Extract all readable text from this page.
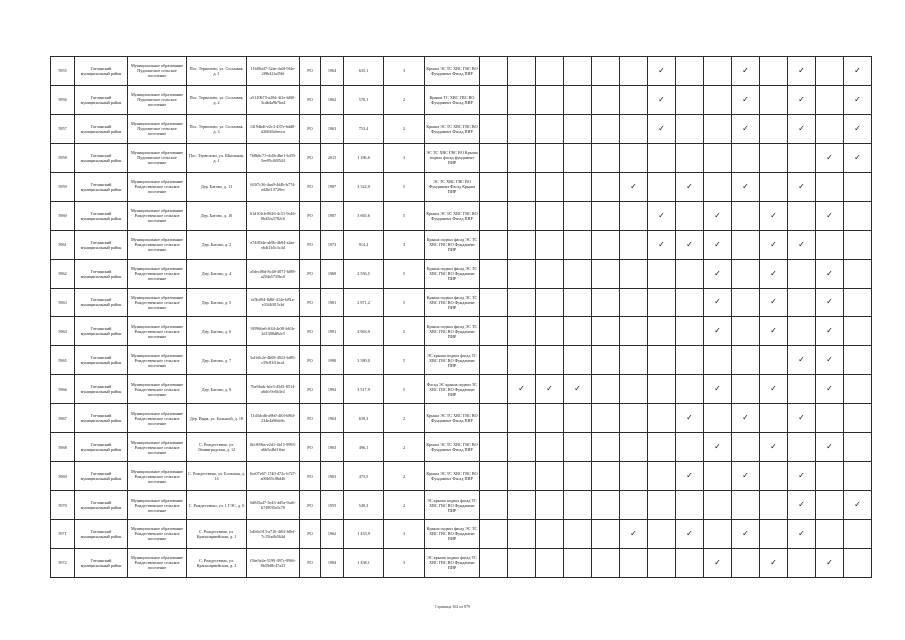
5955	Гатчинский муниципальный район	Муниципальное образование Пудомягское сельское поселение	Пос. Терволово, ул. Сосновая, д. 1	11b80a47-32ae-4a0f-9f4e-2f9b42fa356f	РО	1964	635,1	3	Крыша ЭС ТС ХВС ГВС ВО Фундамент Фасад ПИР							✓			✓		✓		✓
5956	Гатчинский муниципальный район	Муниципальное образование Пудомягское сельское поселение	Пос. Терволово, ул. Сосновая, д. 2	a5120673-a20d-4f1e-b8f0-3cdb4a9b7ba4	РО	1962	570,1	2	Крыша ТС ХВС ГВС ВО Фундамент Фасад ПИР							✓			✓		✓		✓
5957	Гатчинский муниципальный район	Муниципальное образование Пудомягское сельское поселение	Пос. Терволово, ул. Сосновая, д. 3	f4194bdf-e2c3-437e-bdd8-d26026c6ecca	РО	1963	753,4	2	Крыша ЭС ТС ХВС ГВС ВО Фундамент Фасад ПИР							✓			✓		✓		✓
5958	Гатчинский муниципальный район	Муниципальное образование Пудомягское сельское поселение	Пос. Терволово, ул. Школьная, д. 1	7b8b6c71-cb4b-4be1-b435-5ee95c0f8544	РО	2015	1 186,6	3	ЭС ТС ХВС ГВС ВО Крыша подвал фасад фундамент ПИР													✓	✓
5959	Гатчинский муниципальный район	Муниципальное образование Рождественское сельское поселение	Дер. Батово, д. 11	6f3f7c36-4aa9-4d4b-b774-ed2bf13729ec	РО	1987	3 322,0	5	ЭС ТС ХВС ГВС ВО Фундамент Фасад Крыша ПИР						✓		✓		✓		✓		
5960	Гатчинский муниципальный район	Муниципальное образование Рождественское сельское поселение	Дер. Батово, д. 10	61d10fcb-0626-4c51-9c46-0b45fa3782c6	РО	1987	3 665,6	5	Крыша ЭС ТС ХВС ГВС ВО Фундамент Фасад ПИР							✓		✓		✓		✓	
5961	Гатчинский муниципальный район	Муниципальное образование Рождественское сельское поселение	Дер. Батово, д. 2	e74f834e-ab9b-4b94-a2ae-eb4f1b5c3c4d	РО	1973	914,2	3	Крыша подвал фасад ЭС ТС ХВС ГВС ВО Фундамент ПИР							✓	✓	✓		✓	✓		
5962	Гатчинский муниципальный район	Муниципальное образование Рождественское сельское поселение	Дер. Батово, д. 4	a5dec06d-8c48-4071-bf88-a204a5735bc0	РО	1969	2 556,5	5	Крыша подвал фасад ЭС ТС ХВС ГВС ВО Фундамент ПИР									✓		✓		✓	
5963	Гатчинский муниципальный район	Муниципальное образование Рождественское сельское поселение	Дер. Батово, д. 5	fa5bff94-8d6f-414e-b81a-e33f4f815cbf	РО	1981	2 871,2	5	Крыша подвал фасад ЭС ТС ХВС ГВС ВО Фундамент ПИР									✓		✓		✓	
5964	Гатчинский муниципальный район	Муниципальное образование Рождественское сельское поселение	Дер. Батово, д. 6	9f5966e6-ff44-4e38-b61b-2d1388df6fe3	РО	1981	4 963,9	5	Крыша подвал фасад ЭС ТС ХВС ГВС ВО Фундамент ПИР									✓		✓		✓	
5965	Гатчинский муниципальный район	Муниципальное образование Рождественское сельское поселение	Дер. Батово, д. 7	3a1b0c2e-4b08-4922-bd91-c59c83f16ca1	РО	1990	3 580,0	5	ЭС крыша подвал фасад ТС ХВС ГВС ВО Фундамент ПИР												✓	✓	
5966	Гатчинский муниципальный район	Муниципальное образование Рождественское сельское поселение	Дер. Батово, д. 8	7be9fadc-bfe3-45d3-8514-a6dfc9c6b3e4	РО	1992	3 517,9	5	Фасад ЭС крыша подвал ТС ХВС ГВС ВО Фундамент ПИР		✓	✓	✓					✓		✓		✓	
5967	Гатчинский муниципальный район	Муниципальное образование Рождественское сельское поселение	Дер. Выра, ул. Большой, д. 18	11d3dcdb-a9b0-4f0f-b86f-234e4a96ddfc	РО	1964	639,3	2	Крыша ЭС ТС ХВС ГВС ВО Фундамент Фасад ПИР								✓		✓		✓		
5968	Гатчинский муниципальный район	Муниципальное образование Рождественское сельское поселение	С. Рождествено, ул. Ленинградская, д. 12	0fe309be-e2d1-4b15-9993-a6b5e4bf1ffae	РО	1963	496,1	2	Крыша ЭС ТС ХВС ГВС ВО Фундамент Фасад ПИР									✓		✓		✓	
5969	Гатчинский муниципальный район	Муниципальное образование Рождественское сельское поселение	С. Рождествено, ул. Большая, д. 14	6ce07e67-1740-472c-b727-a00b55c86d46	РО	1963	475,5	2	Крыша ЭС ТС ХВС ГВС ВО Фундамент Фасад ПИР								✓		✓		✓		
5970	Гатчинский муниципальный район	Муниципальное образование Рождественское сельское поселение	С. Рождествено, ул. 1 ГЭС, д. 6	6d8f3a47-3e43-4d5a-9ca6-b7490f5a5c70	РО	1955	549,3	2	ЭС крыша подвал фасад ТС ХВС ГВС ВО Фундамент ПИР												✓		✓
5971	Гатчинский муниципальный район	Муниципальное образование Рождественское сельское поселение	С. Рождествено, ул. Красноармейская, д. 1	b4b6c913-a710-4f02-b8ef-7c15fadb564d	РО	1962	1 433,9	3	Крыша подвал фасад ЭС ТС ХВС ГВС ВО Фундамент ПИР						✓		✓		✓		✓		
5972	Гатчинский муниципальный район	Муниципальное образование Рождественское сельское поселение	С. Рождествено, ул. Красноармейская, д. 2	f5be3e4e-5199-497c-9966-8b59d8c47a23	РО	1984	1 458,1	3	ЭС крыша подвал фасад ТС ХВС ГВС ВО Фундамент ПИР									✓		✓		✓	
Страница 362 из 879
